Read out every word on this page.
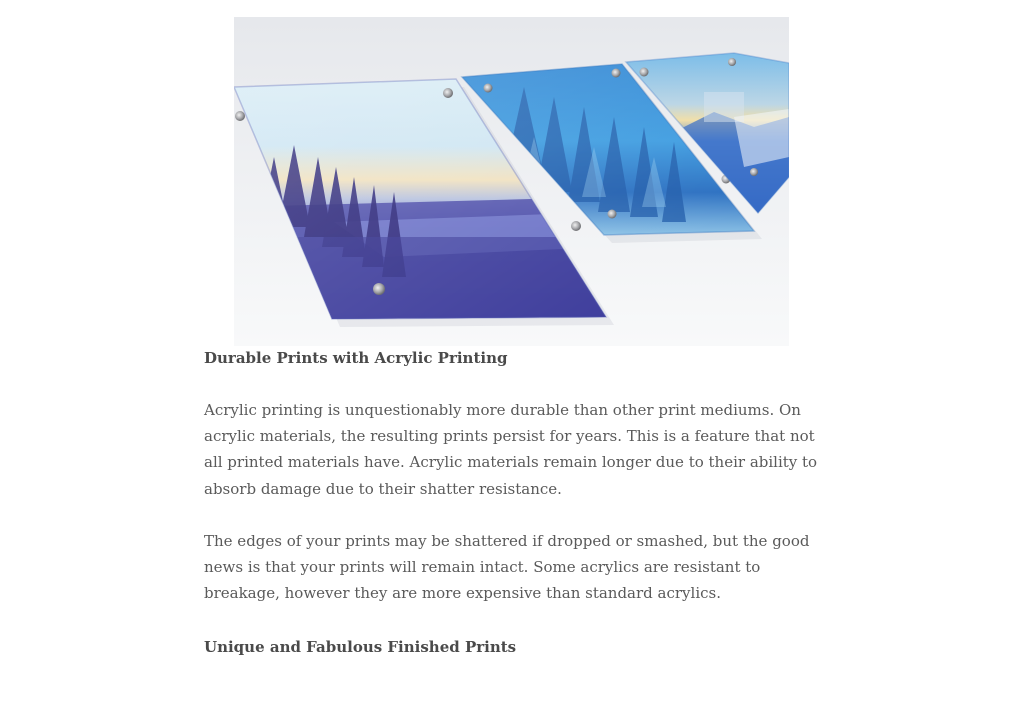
Durable Prints with Acrylic Printing

Acrylic printing is unquestionably more durable than other print mediums. On acrylic materials, the resulting prints persist for years. This is a feature that not all printed materials have. Acrylic materials remain longer due to their ability to absorb damage due to their shatter resistance.

The edges of your prints may be shattered if dropped or smashed, but the good news is that your prints will remain intact. Some acrylics are resistant to breakage, however they are more expensive than standard acrylics.

Unique and Fabulous Finished Prints
